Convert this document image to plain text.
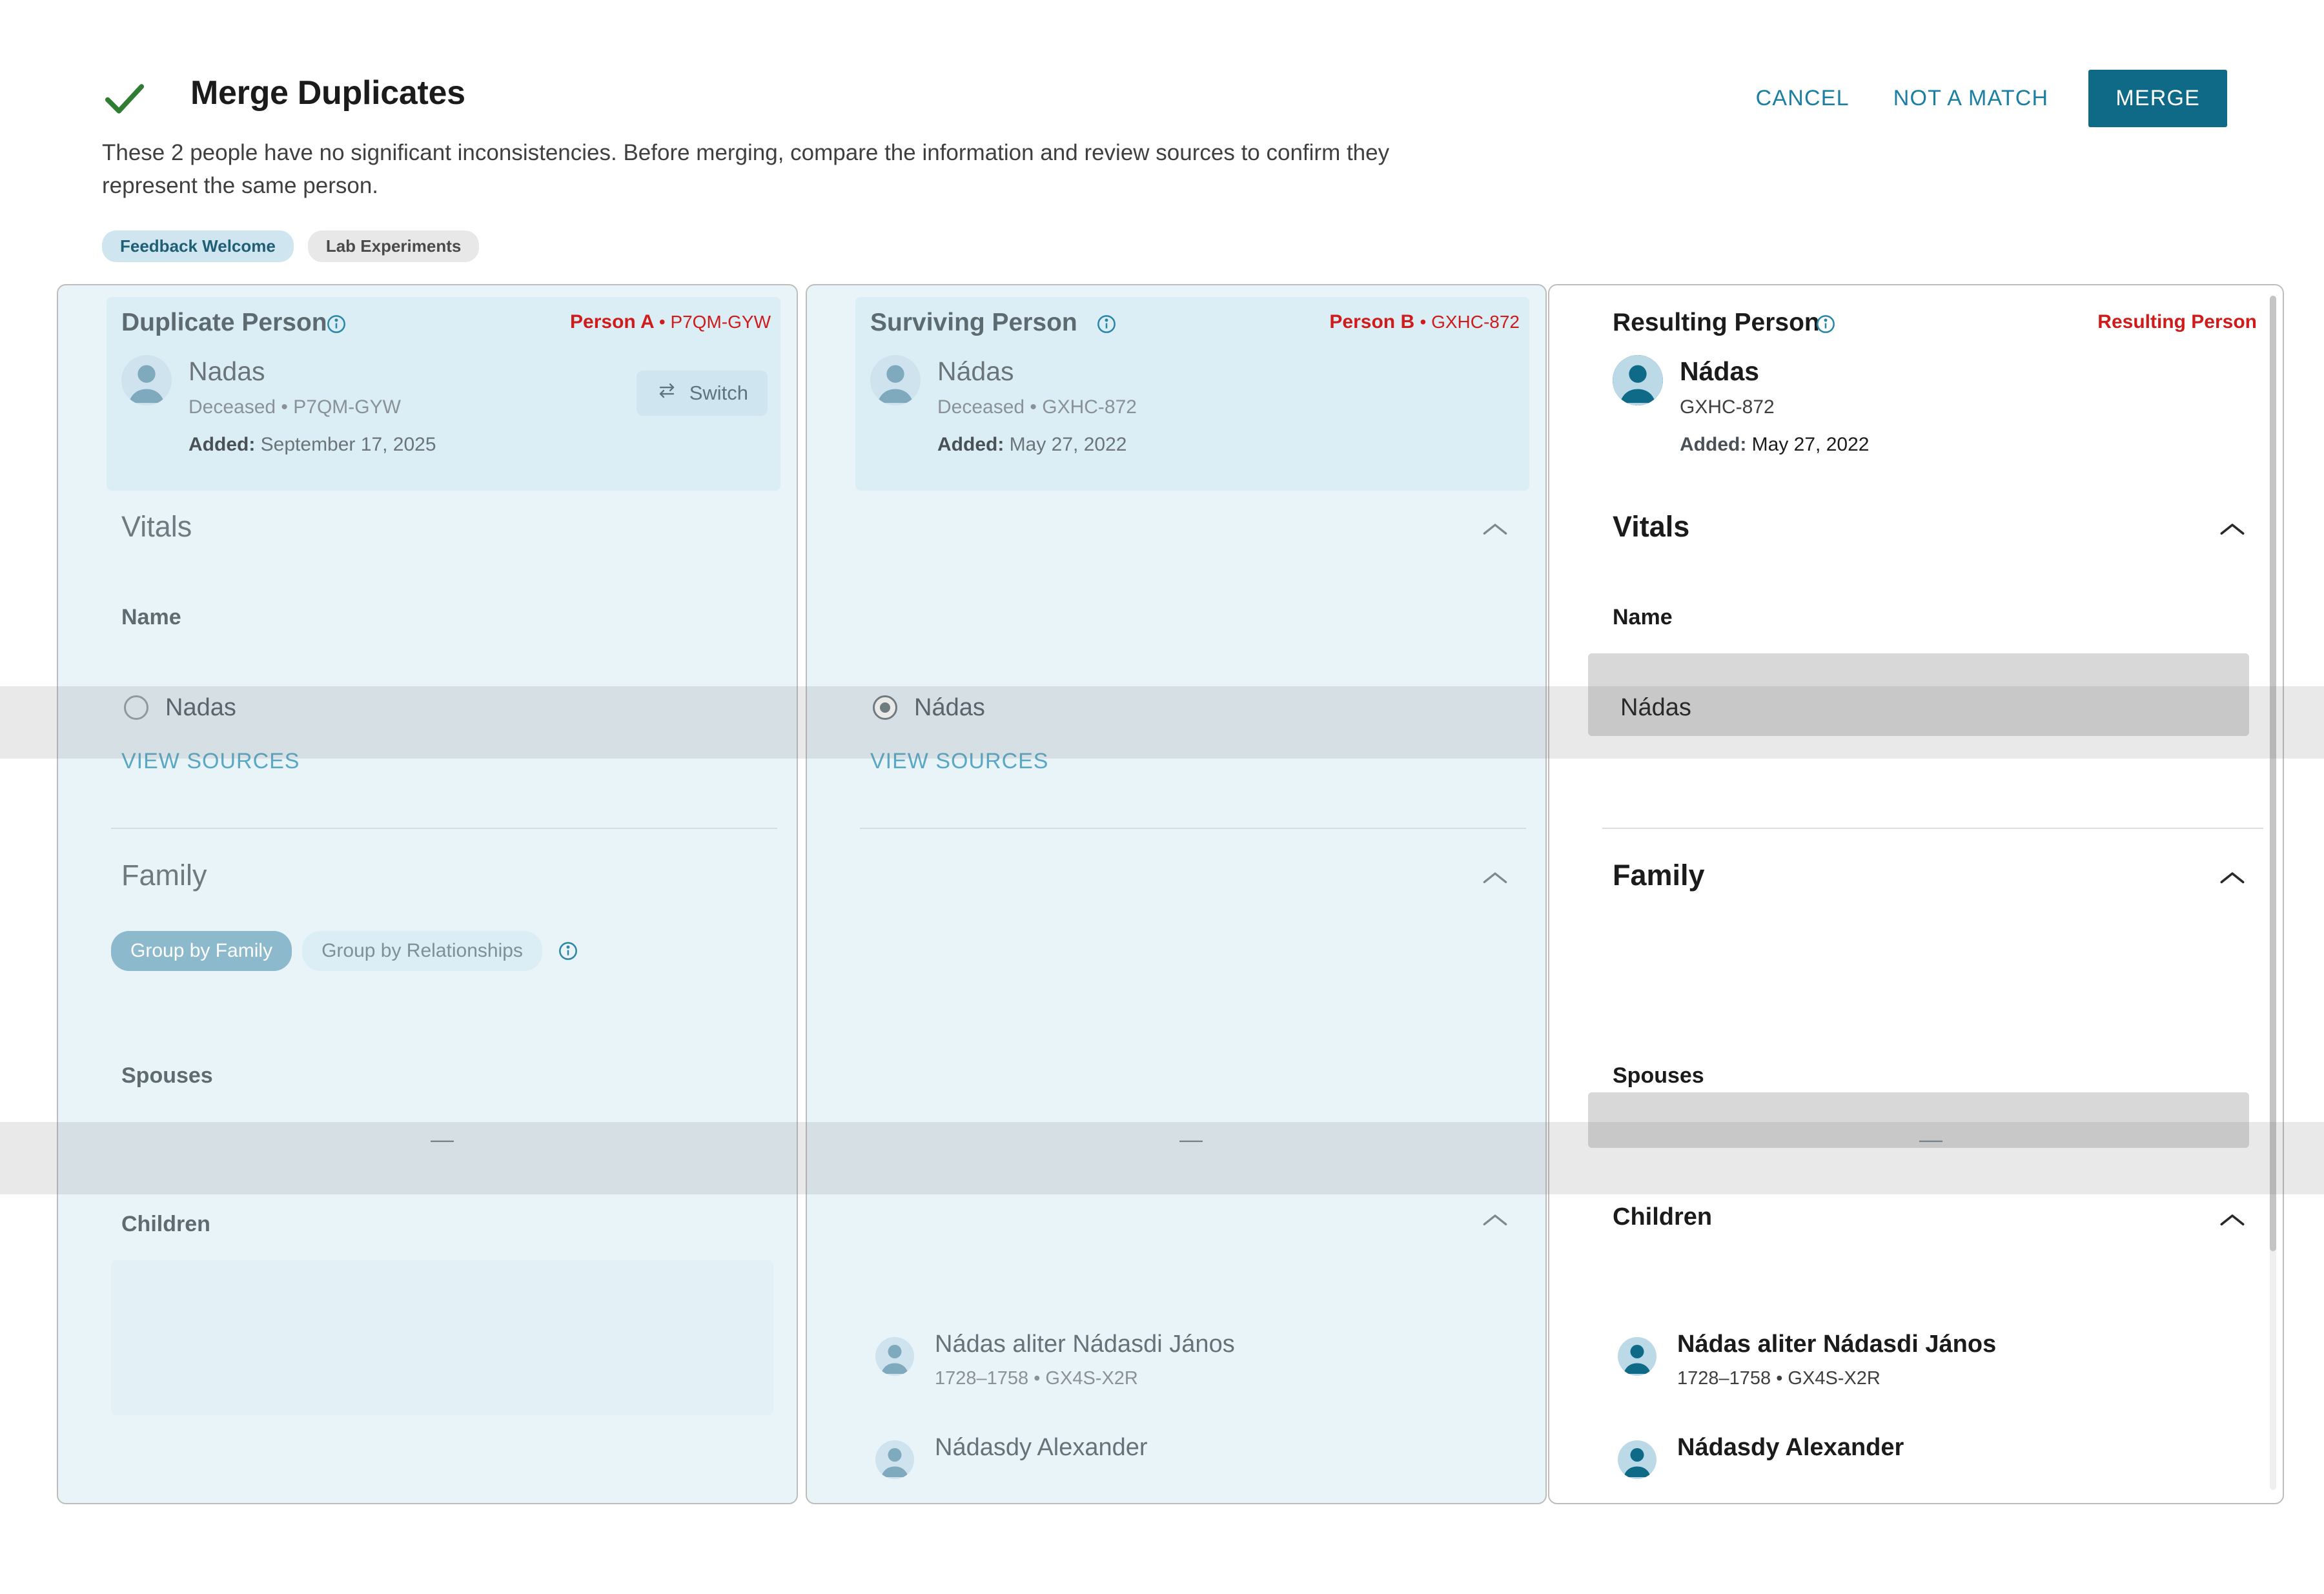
Merge Duplicates
These 2 people have no significant inconsistencies. Before merging, compare the information and review sources to confirm they represent the same person.
Feedback Welcome	Lab Experiments
CANCEL	NOT A MATCH	MERGE
Duplicate Person	Person A • P7QM-GYW
Nadas
Deceased • P7QM-GYW
Added: September 17, 2025
Switch
Vitals
Name
Nadas
VIEW SOURCES
Family
Group by Family	Group by Relationships
Spouses
—
Children
Surviving Person	Person B • GXHC-872
Nádas
Deceased • GXHC-872
Added: May 27, 2022
Nádas
VIEW SOURCES
—
Nádas aliter Nádasdi János
1728–1758 • GX4S-X2R
Nádasdy Alexander
Resulting Person	Resulting Person
Nádas
GXHC-872
Added: May 27, 2022
Vitals
Name
Nádas
Family
Spouses
—
Children
Nádas aliter Nádasdi János
1728–1758 • GX4S-X2R
Nádasdy Alexander
